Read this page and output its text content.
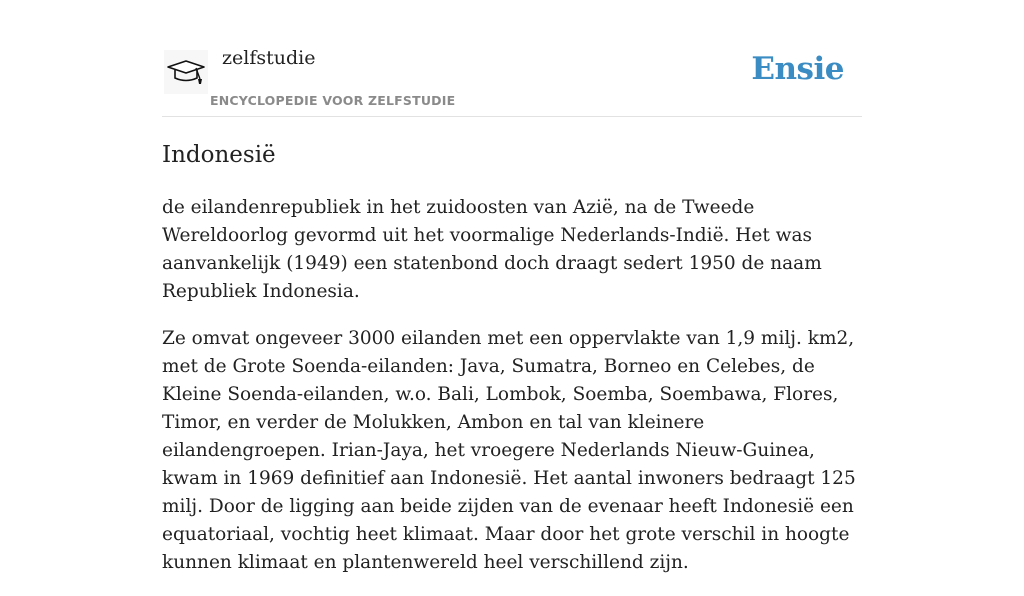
zelfstudie
ENCYCLOPEDIE VOOR ZELFSTUDIE
Ensie
Indonesië

de eilandenrepubliek in het zuidoosten van Azië, na de Tweede Wereldoorlog gevormd uit het voormalige Nederlands-Indië. Het was aanvankelijk (1949) een statenbond doch draagt sedert 1950 de naam Republiek Indonesia.

Ze omvat ongeveer 3000 eilanden met een oppervlakte van 1,9 milj. km2, met de Grote Soenda-eilanden: Java, Sumatra, Borneo en Celebes, de Kleine Soenda-eilanden, w.o. Bali, Lombok, Soemba, Soembawa, Flores, Timor, en verder de Molukken, Ambon en tal van kleinere eilandengroepen. Irian-Jaya, het vroegere Nederlands Nieuw-Guinea, kwam in 1969 definitief aan Indonesië. Het aantal inwoners bedraagt 125 milj. Door de ligging aan beide zijden van de evenaar heeft Indonesië een equatoriaal, vochtig heet klimaat. Maar door het grote verschil in hoogte kunnen klimaat en plantenwereld heel verschillend zijn.
